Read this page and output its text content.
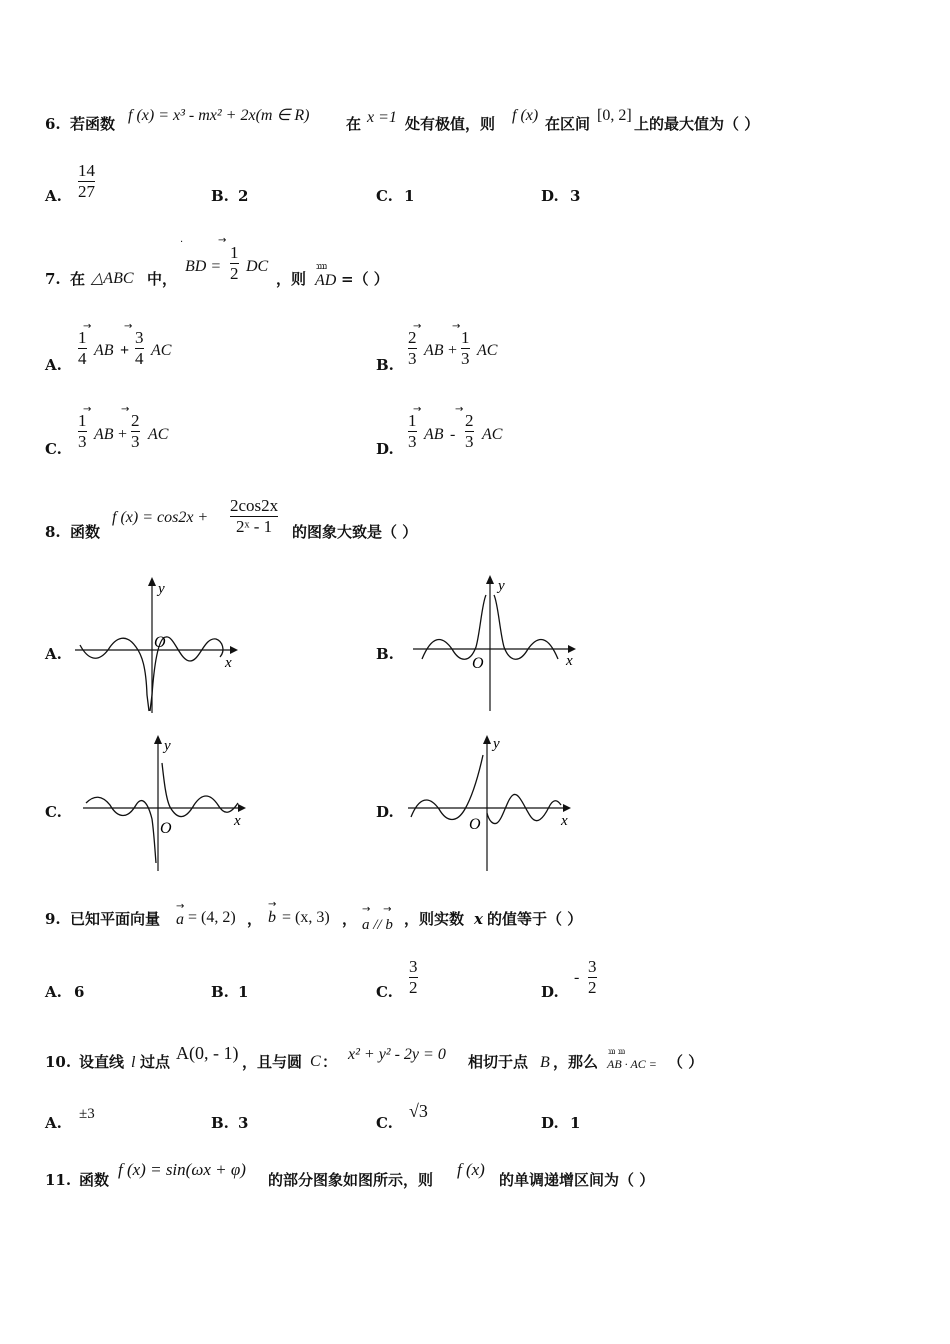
6. 若函数 f (x) = x³ - mx² + 2x(m ∈ R) 在 x =1 处有极值，则 f (x) 在区间 [0, 2] 上的最大值为（ ）
A.
14
27	B. 2	C. 1	D. 3
7. 在 △ABC 中，
·
BD =
→
1
2 DC
，则
ננננ
AD =（ ）
A.
1
4
→
AB +
→
3
4 AC
B.
2
3
→
AB +
→
1
3 AC
C.
1
3
→
AB +
→
2
3 AC
D.
1
3
→
AB -
→
2
3 AC
8. 函数
f (x) = cos2x +
2cos2x
2ˣ - 1 的图象大致是（ ）
A.	B.
C.	D.
y
x
O
y
x
O
y
x
O
y
x
O
9. 已知平面向量
→
a = (4, 2) ，
→
b = (x, 3) ，
→    →
a // b ，则实数 x 的值等于（ ）
A. 6	B. 1	C.
3
2	D.
-
3
2
10. 设直线 l 过点 A(0, - 1) ，且与圆 C ： x² + y² - 2y = 0 相切于点 B ，那么
נננ  נננ
AB · AC = （ ）
A. ±3	B. 3	C.
√3
D. 1
11. 函数
f (x) = sin(ωx + φ)
的部分图象如图所示，则
f (x)
的单调递增区间为（ ）
